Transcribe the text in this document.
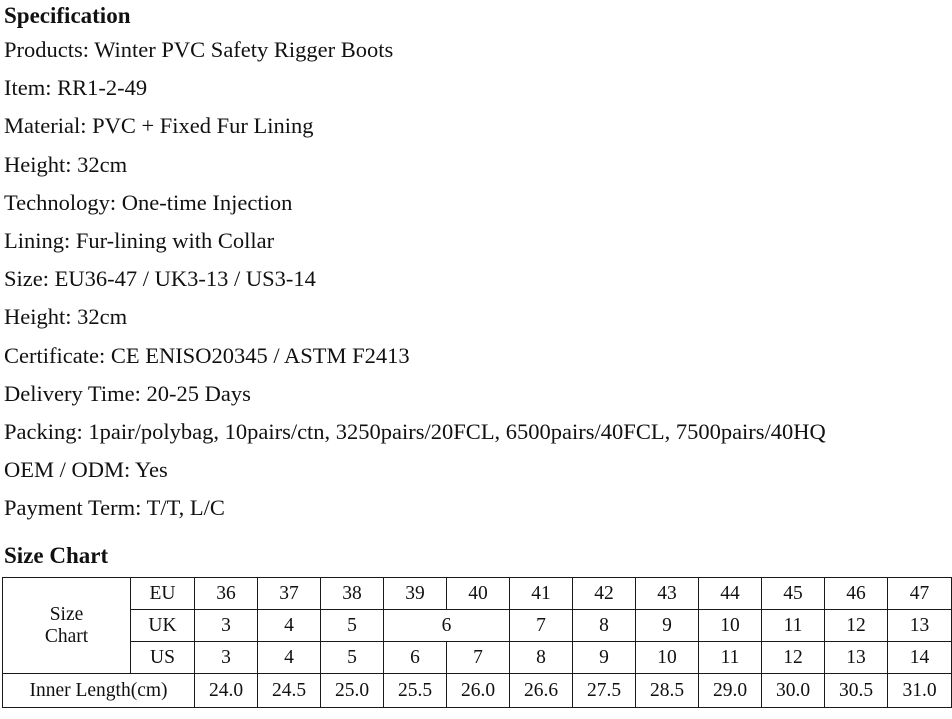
Specification
Products: Winter PVC Safety Rigger Boots
Item: RR1-2-49
Material: PVC + Fixed Fur Lining
Height: 32cm
Technology: One-time Injection
Lining: Fur-lining with Collar
Size: EU36-47 / UK3-13 / US3-14
Height: 32cm
Certificate: CE ENISO20345 / ASTM F2413
Delivery Time: 20-25 Days
Packing: 1pair/polybag, 10pairs/ctn, 3250pairs/20FCL, 6500pairs/40FCL, 7500pairs/40HQ
OEM / ODM: Yes
Payment Term: T/T, L/C
Size Chart
Size
Chart	EU	36	37	38	39	40	41	42	43	44	45	46	47
	UK	3	4	5	6		7	8	9	10	11	12	13
	US	3	4	5	6	7	8	9	10	11	12	13	14
Inner Length(cm)		24.0	24.5	25.0	25.5	26.0	26.6	27.5	28.5	29.0	30.0	30.5	31.0
